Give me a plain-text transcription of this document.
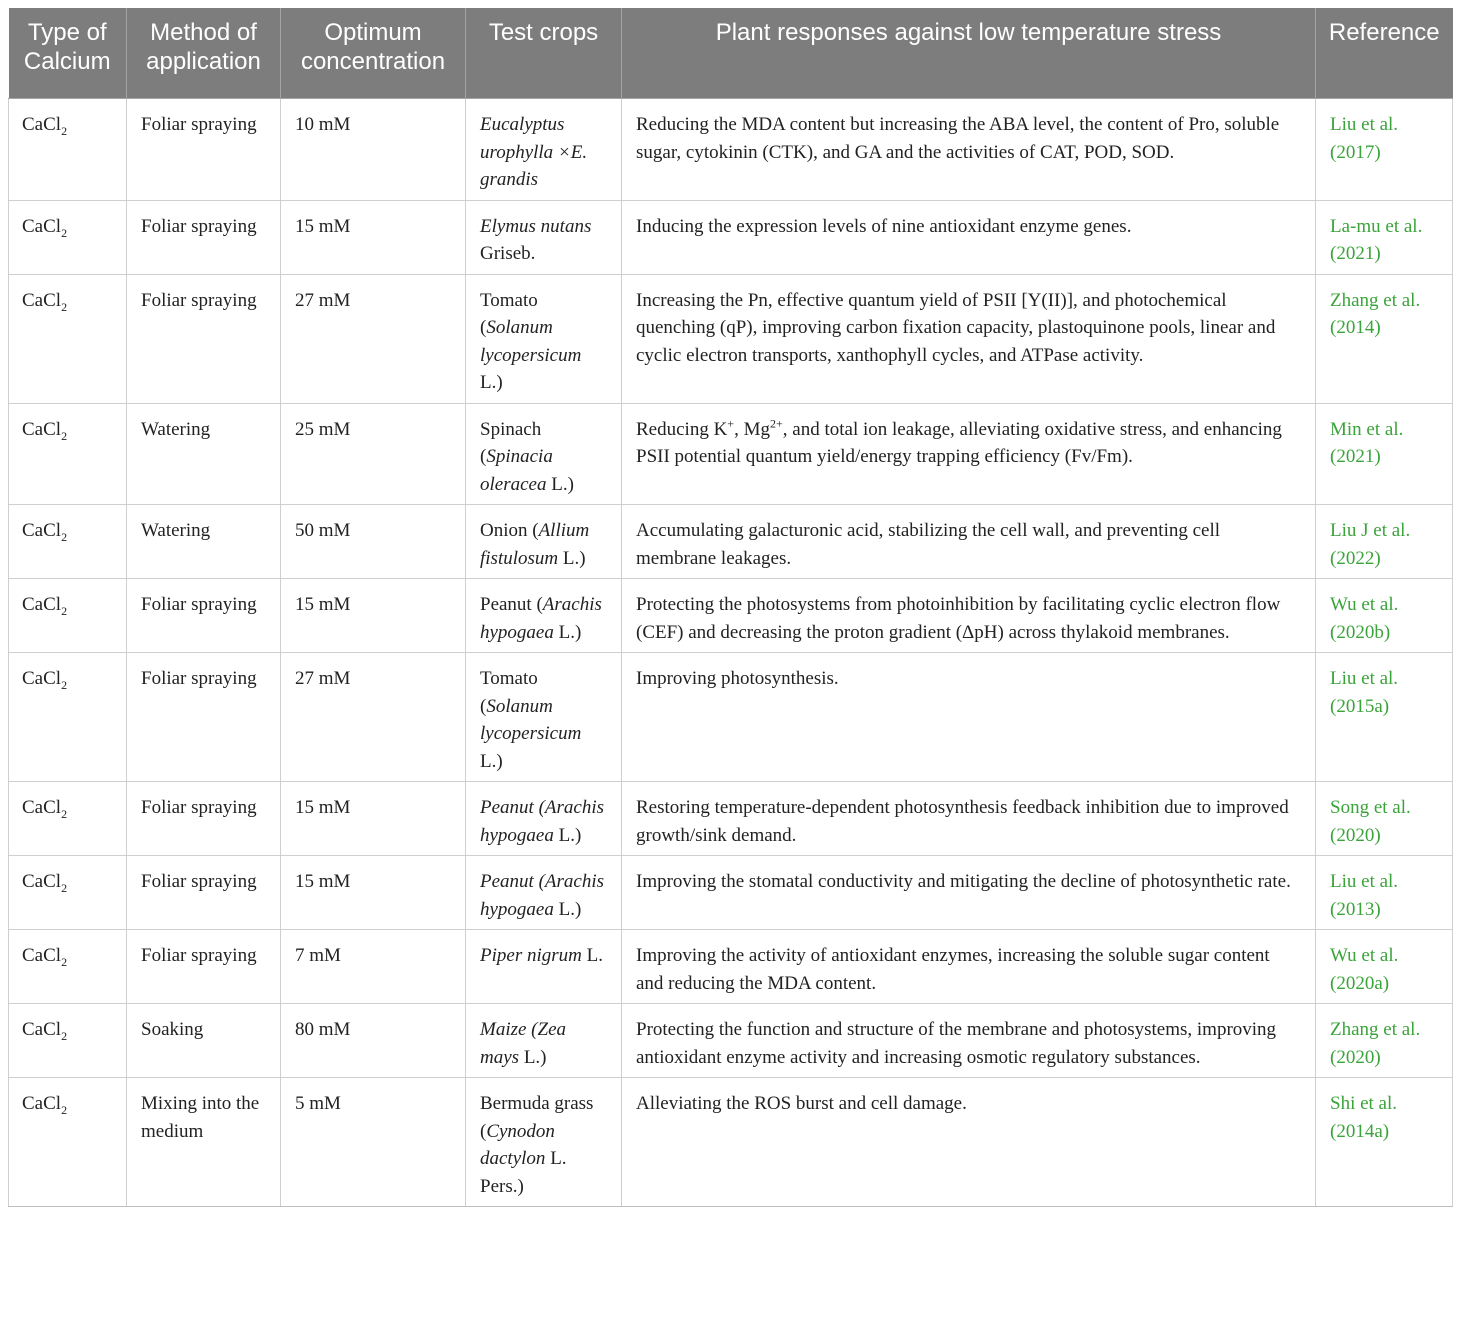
Type of Calcium	Method of application	Optimum concentration	Test crops	Plant responses against low temperature stress	Reference
CaCl$_2$	Foliar spraying	10 mM	Eucalyptus urophylla ×E. grandis	Reducing the MDA content but increasing the ABA level, the content of Pro, soluble sugar, cytokinin (CTK), and GA and the activities of CAT, POD, SOD.	Liu et al. (2017)
CaCl$_2$	Foliar spraying	15 mM	Elymus nutans Griseb.	Inducing the expression levels of nine antioxidant enzyme genes.	La-mu et al. (2021)
CaCl$_2$	Foliar spraying	27 mM	Tomato (Solanum lycopersicum L.)	Increasing the Pn, effective quantum yield of PSII [Y(II)], and photochemical quenching (qP), improving carbon fixation capacity, plastoquinone pools, linear and cyclic electron transports, xanthophyll cycles, and ATPase activity.	Zhang et al. (2014)
CaCl$_2$	Watering	25 mM	Spinach (Spinacia oleracea L.)	Reducing K+, $Mg^{2+}$, and total ion leakage, alleviating oxidative stress, and enhancing PSII potential quantum yield/energy trapping efficiency (Fv/Fm).	Min et al. (2021)
CaCl$_2$	Watering	50 mM	Onion (Allium fistulosum L.)	Accumulating galacturonic acid, stabilizing the cell wall, and preventing cell membrane leakages.	Liu J et al. (2022)
CaCl$_2$	Foliar spraying	15 mM	Peanut (Arachis hypogaea L.)	Protecting the photosystems from photoinhibition by facilitating cyclic electron flow (CEF) and decreasing the proton gradient (ΔpH) across thylakoid membranes.	Wu et al. (2020b)
CaCl$_2$	Foliar spraying	27 mM	Tomato (Solanum lycopersicum L.)	Improving photosynthesis.	Liu et al. (2015a)
CaCl$_2$	Foliar spraying	15 mM	Peanut (Arachis hypogaea L.)	Restoring temperature-dependent photosynthesis feedback inhibition due to improved growth/sink demand.	Song et al. (2020)
CaCl$_2$	Foliar spraying	15 mM	Peanut (Arachis hypogaea L.)	Improving the stomatal conductivity and mitigating the decline of photosynthetic rate.	Liu et al. (2013)
CaCl$_2$	Foliar spraying	7 mM	Piper nigrum L.	Improving the activity of antioxidant enzymes, increasing the soluble sugar content and reducing the MDA content.	Wu et al. (2020a)
CaCl$_2$	Soaking	80 mM	Maize (Zea mays L.)	Protecting the function and structure of the membrane and photosystems, improving antioxidant enzyme activity and increasing osmotic regulatory substances.	Zhang et al. (2020)
CaCl$_2$	Mixing into the medium	5 mM	Bermuda grass (Cynodon dactylon L. Pers.)	Alleviating the ROS burst and cell damage.	Shi et al. (2014a)
